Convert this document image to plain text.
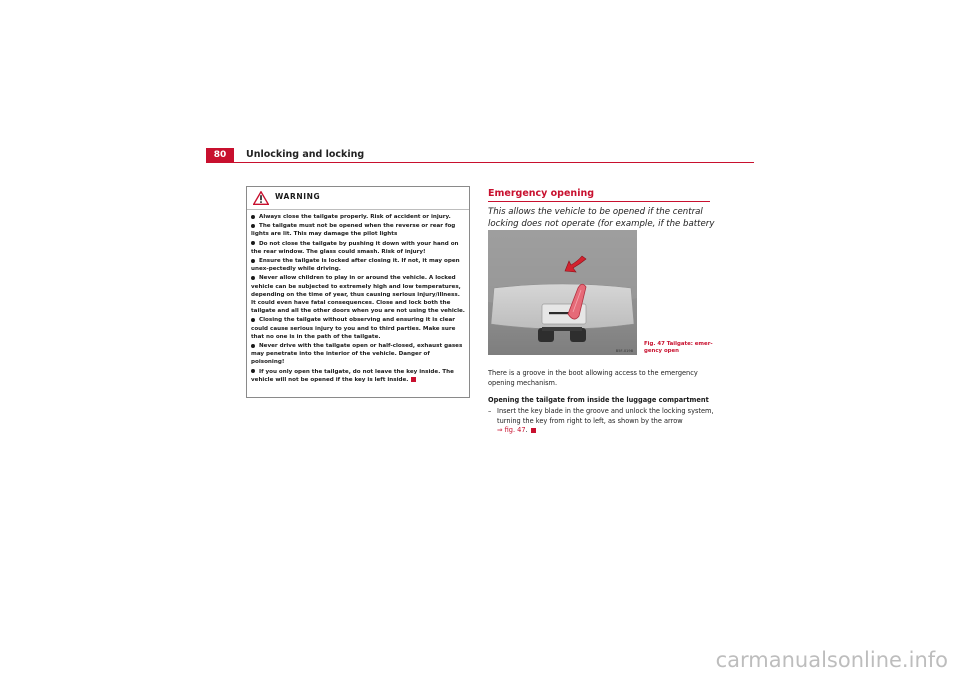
80	Unlocking and locking
WARNING
Always close the tailgate properly. Risk of accident or injury.
The tailgate must not be opened when the reverse or rear fog lights are lit. This may damage the pilot lights
Do not close the tailgate by pushing it down with your hand on the rear window. The glass could smash. Risk of injury!
Ensure the tailgate is locked after closing it. If not, it may open unex-pectedly while driving.
Never allow children to play in or around the vehicle. A locked vehicle can be subjected to extremely high and low temperatures, depending on the time of year, thus causing serious injury/illness. It could even have fatal consequences. Close and lock both the tailgate and all the other doors when you are not using the vehicle.
Closing the tailgate without observing and ensuring it is clear could cause serious injury to you and to third parties. Make sure that no one is in the path of the tailgate.
Never drive with the tailgate open or half-closed, exhaust gases may penetrate into the interior of the vehicle. Danger of poisoning!
If you only open the tailgate, do not leave the key inside. The vehicle will not be opened if the key is left inside.
Emergency opening
This allows the vehicle to be opened if the central locking does not operate (for example, if the battery
B5F-0198
Fig. 47 Tailgate: emer-gency open
There is a groove in the boot allowing access to the emergency opening mechanism.
Opening the tailgate from inside the luggage compartment
– Insert the key blade in the groove and unlock the locking system, turning the key from right to left, as shown by the arrow
⇒ fig. 47.
carmanualsonline.info
